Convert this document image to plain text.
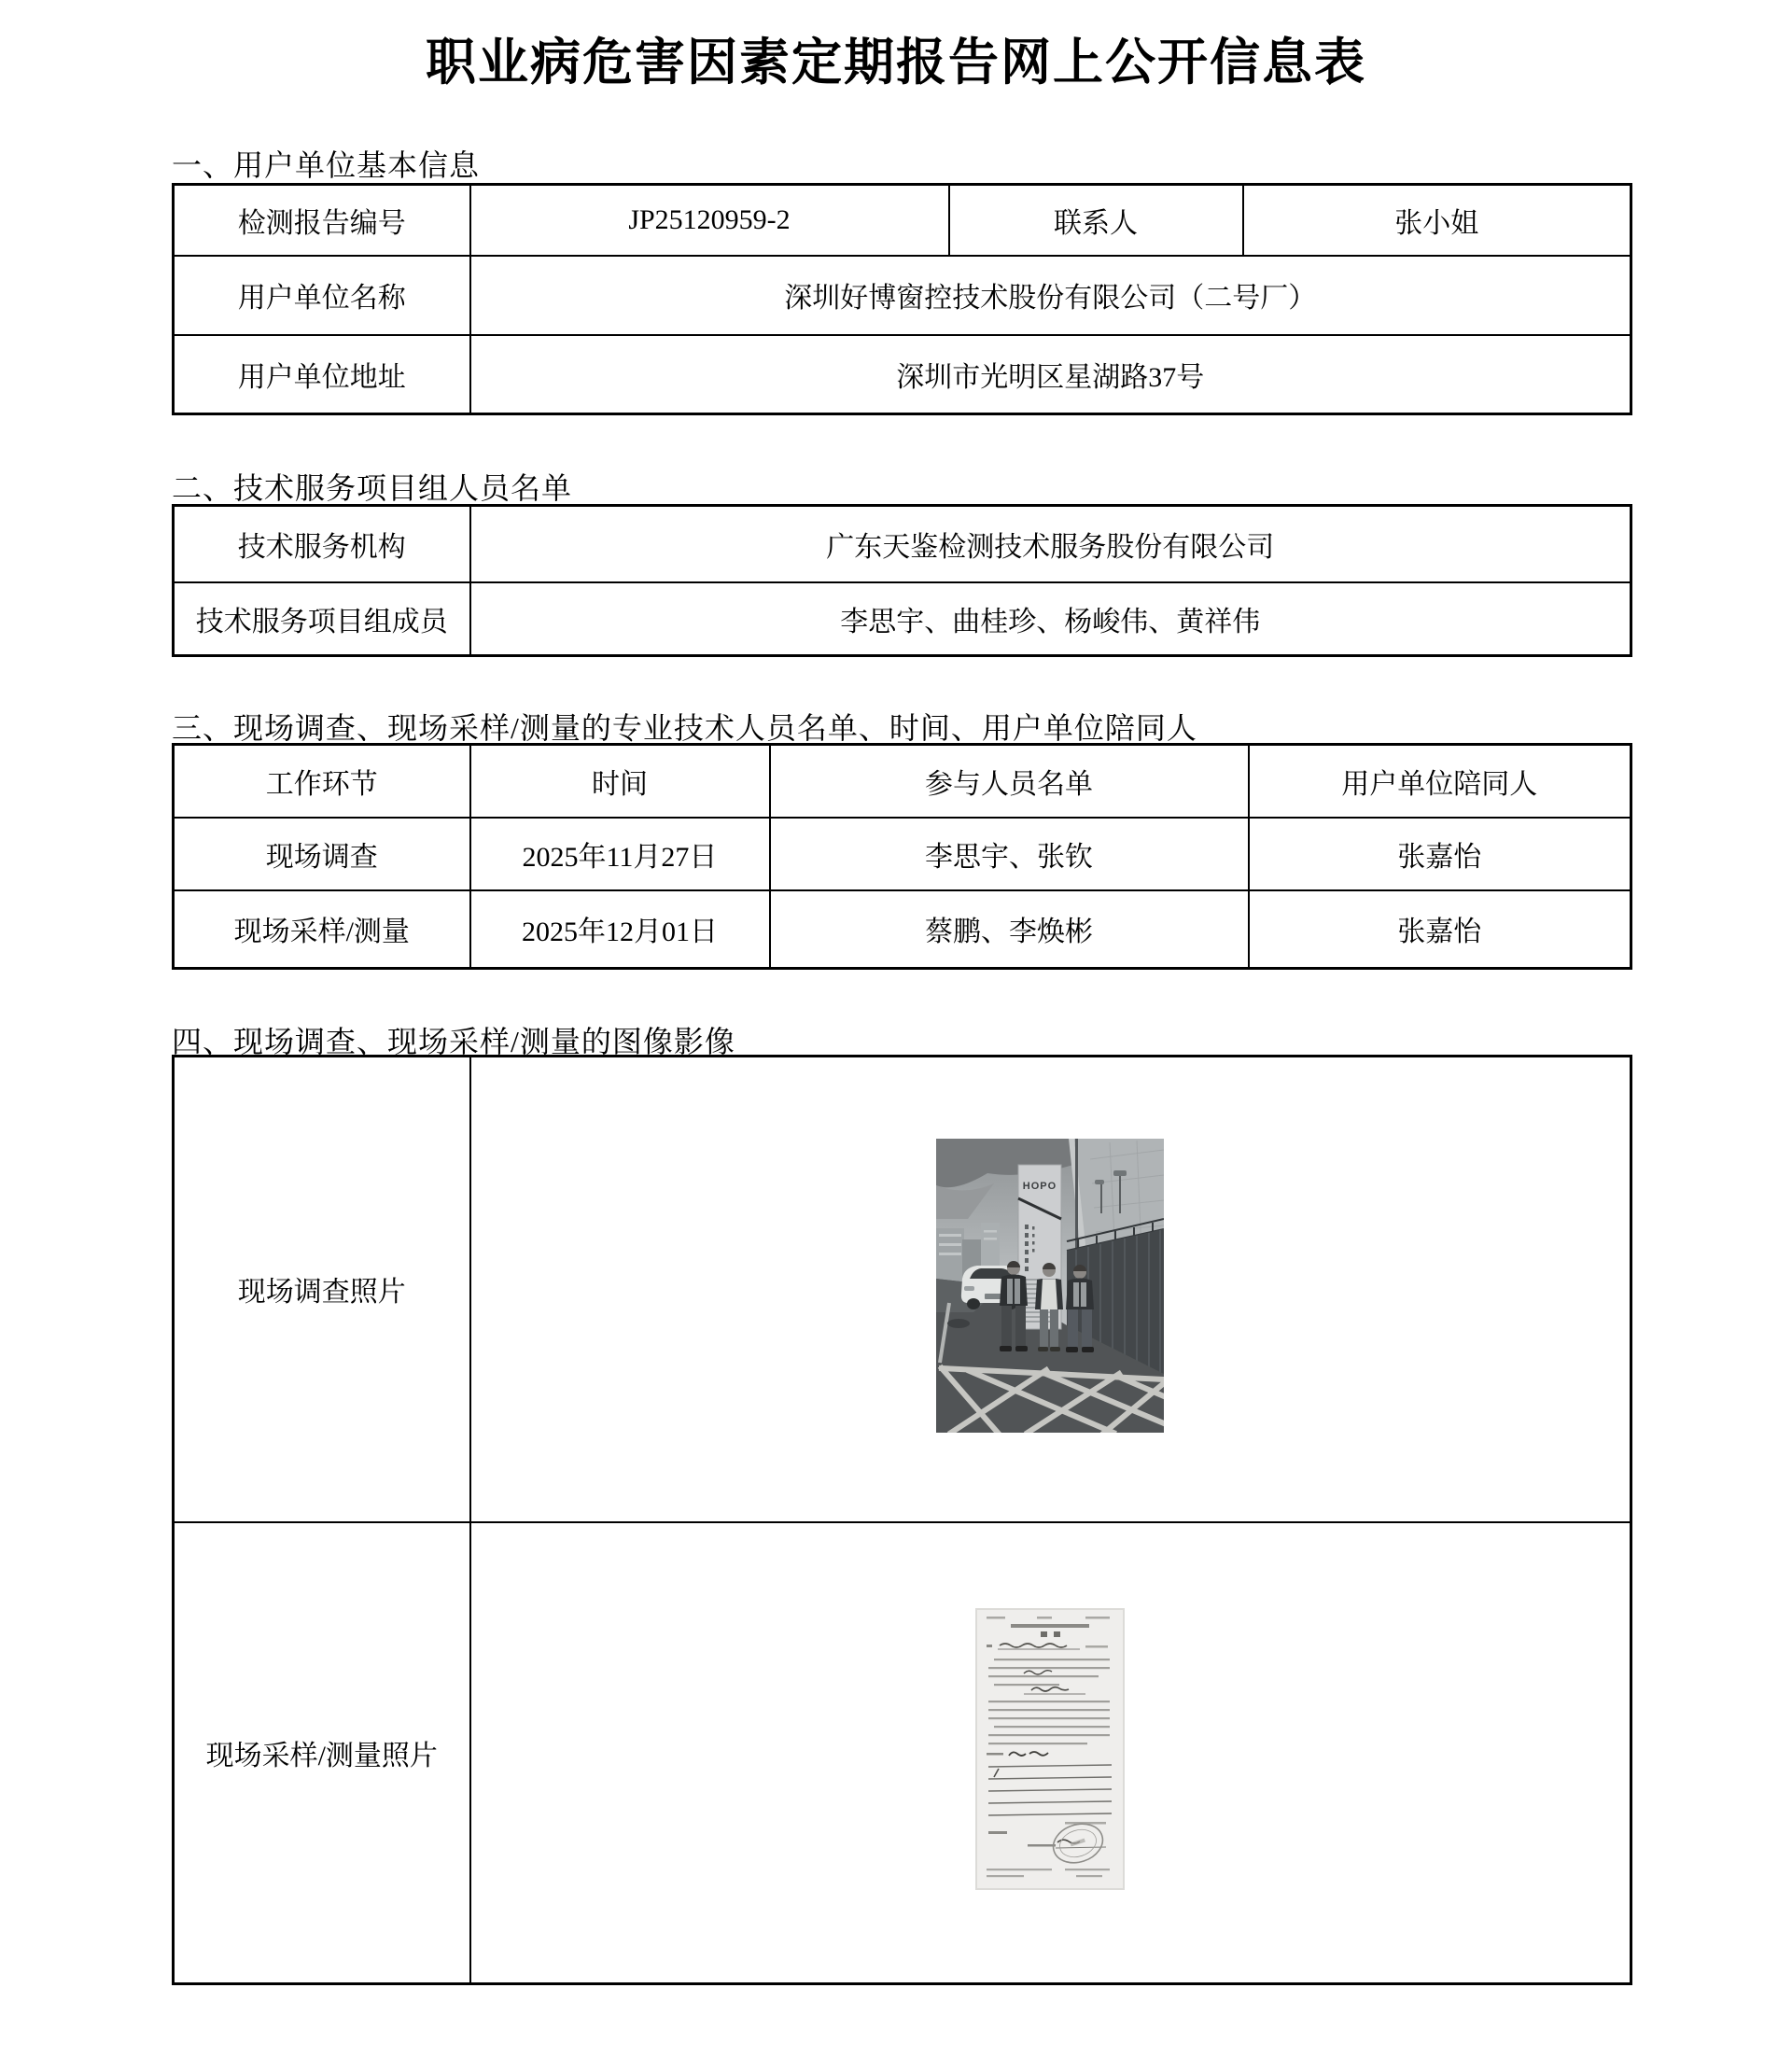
职业病危害因素定期报告网上公开信息表
一、用户单位基本信息
检测报告编号	JP25120959-2	联系人	张小姐
用户单位名称	深圳好博窗控技术股份有限公司（二号厂）		
用户单位地址	深圳市光明区星湖路37号		
二、技术服务项目组人员名单
技术服务机构	广东天鉴检测技术服务股份有限公司
技术服务项目组成员	李思宇、曲桂珍、杨峻伟、黄祥伟
三、现场调查、现场采样/测量的专业技术人员名单、时间、用户单位陪同人
工作环节	时间	参与人员名单	用户单位陪同人
现场调查	2025年11月27日	李思宇、张钦	张嘉怡
现场采样/测量	2025年12月01日	蔡鹏、李焕彬	张嘉怡
四、现场调查、现场采样/测量的图像影像
现场调查照片	HOPO

现场采样/测量照片	
